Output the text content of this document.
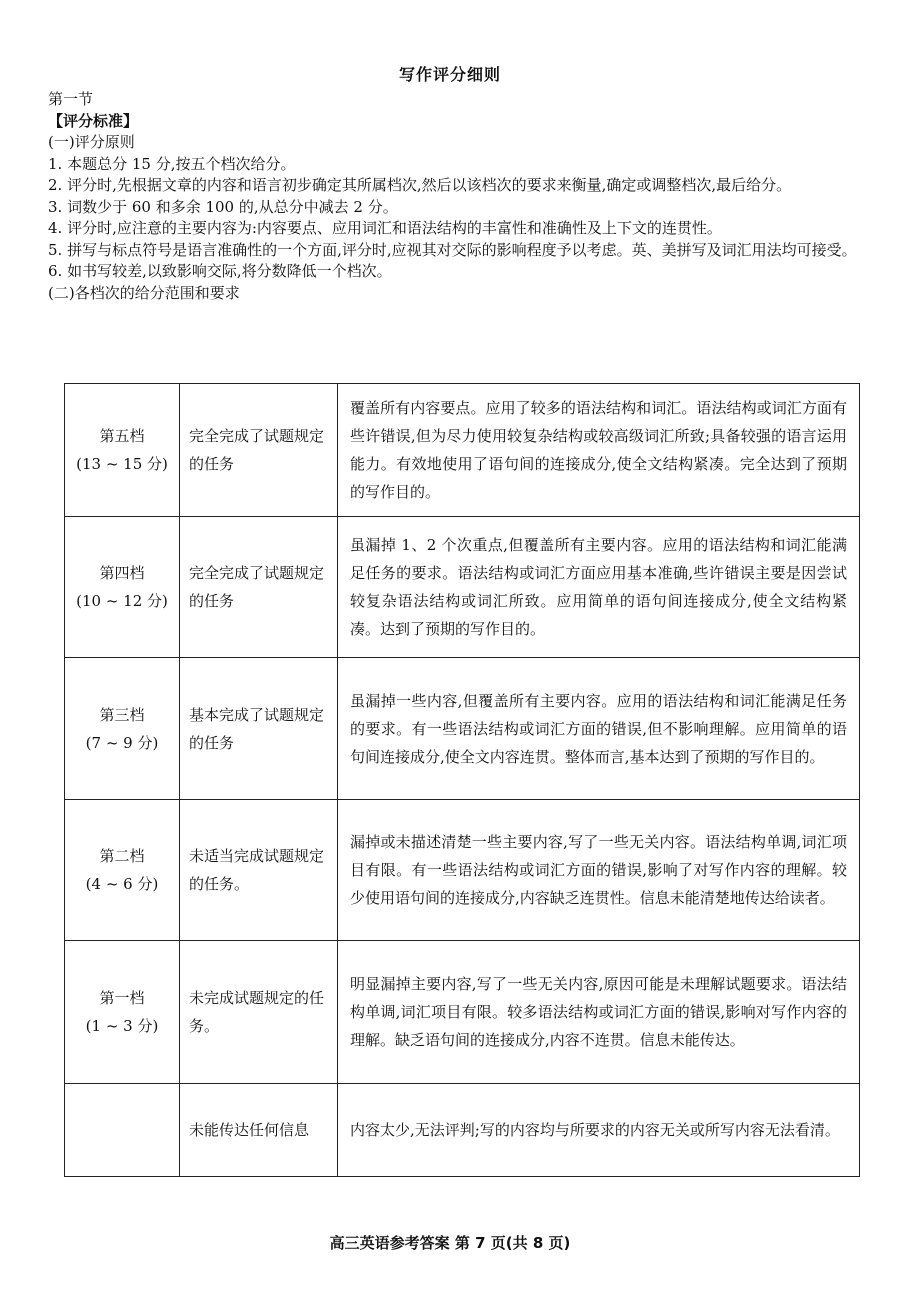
写作评分细则

第一节

【评分标准】

(一)评分原则

1. 本题总分 15 分,按五个档次给分。

2. 评分时,先根据文章的内容和语言初步确定其所属档次,然后以该档次的要求来衡量,确定或调整档次,最后给分。

3. 词数少于 60 和多余 100 的,从总分中减去 2 分。

4. 评分时,应注意的主要内容为:内容要点、应用词汇和语法结构的丰富性和准确性及上下文的连贯性。

5. 拼写与标点符号是语言准确性的一个方面,评分时,应视其对交际的影响程度予以考虑。英、美拼写及词汇用法均可接受。

6. 如书写较差,以致影响交际,将分数降低一个档次。

(二)各档次的给分范围和要求

第五档
(13 ~ 15 分)	完全完成了试题规定的任务	覆盖所有内容要点。应用了较多的语法结构和词汇。语法结构或词汇方面有些许错误,但为尽力使用较复杂结构或较高级词汇所致;具备较强的语言运用能力。有效地使用了语句间的连接成分,使全文结构紧凑。完全达到了预期的写作目的。

第四档
(10 ~ 12 分)	完全完成了试题规定的任务	虽漏掉 1、2 个次重点,但覆盖所有主要内容。应用的语法结构和词汇能满足任务的要求。语法结构或词汇方面应用基本准确,些许错误主要是因尝试较复杂语法结构或词汇所致。应用简单的语句间连接成分,使全文结构紧凑。达到了预期的写作目的。

第三档
(7 ~ 9 分)	基本完成了试题规定的任务	虽漏掉一些内容,但覆盖所有主要内容。应用的语法结构和词汇能满足任务的要求。有一些语法结构或词汇方面的错误,但不影响理解。应用简单的语句间连接成分,使全文内容连贯。整体而言,基本达到了预期的写作目的。

第二档
(4 ~ 6 分)	未适当完成试题规定的任务。	漏掉或未描述清楚一些主要内容,写了一些无关内容。语法结构单调,词汇项目有限。有一些语法结构或词汇方面的错误,影响了对写作内容的理解。较少使用语句间的连接成分,内容缺乏连贯性。信息未能清楚地传达给读者。

第一档
(1 ~ 3 分)	未完成试题规定的任务。	明显漏掉主要内容,写了一些无关内容,原因可能是未理解试题要求。语法结构单调,词汇项目有限。较多语法结构或词汇方面的错误,影响对写作内容的理解。缺乏语句间的连接成分,内容不连贯。信息未能传达。

	未能传达任何信息	内容太少,无法评判;写的内容均与所要求的内容无关或所写内容无法看清。
高三英语参考答案 第 7 页(共 8 页)
